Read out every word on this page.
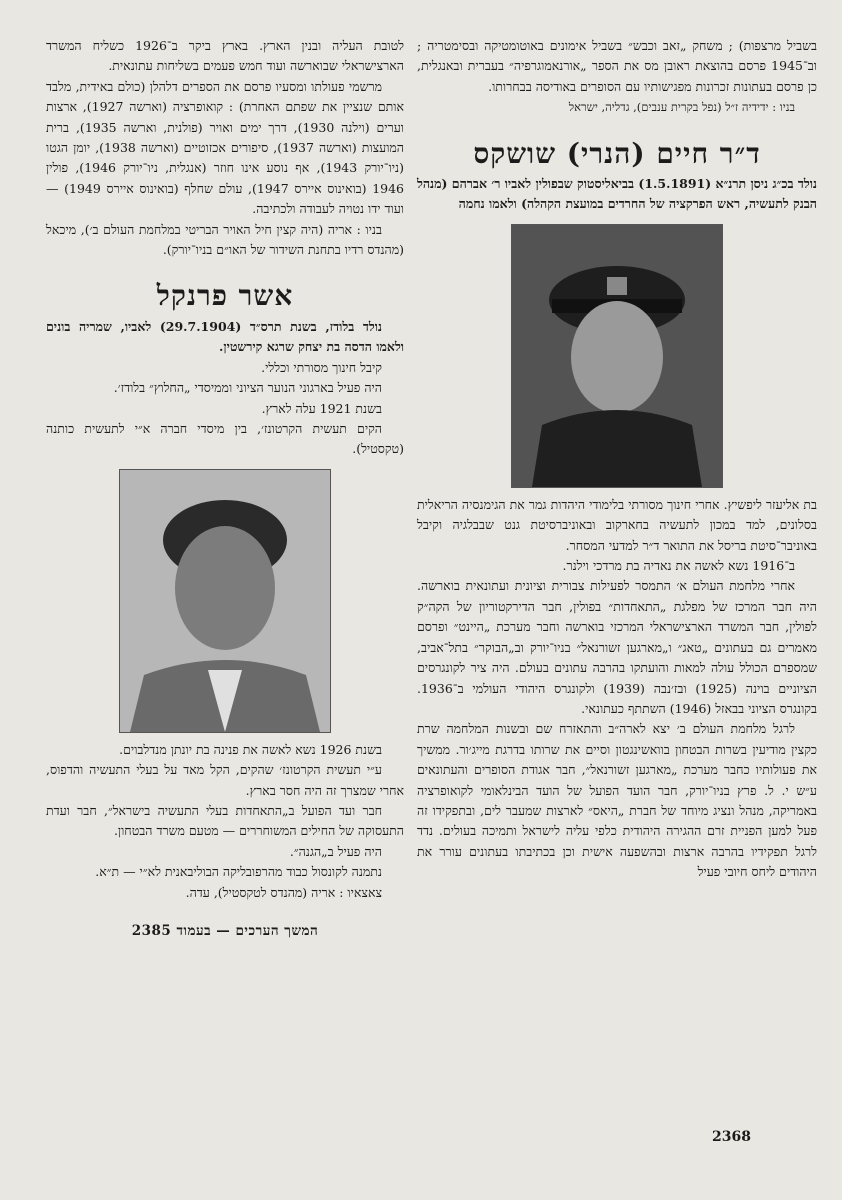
בשביל מרצפות) ; משחק „זאב וכבש״ בשביל אימונים באוטומטיקה ובסימטריה ; וב־1945 פרסם בהוצאת ראובן מס את הספר „אורנאמוגרפיה״ בעברית ובאנגלית, כן פרסם בעתונות זכרונות מפגישותיו עם הסופרים באודיסה בבחרותו.

בניו : ידידיה ז״ל (נפל בקרית ענבים), גדליה, ישראל

ד״ר חיים (הנרי) שושקס

נולד בכ״ג ניסן תרנ״א (1.5.1891) בביאליסטוק שבפולין לאביו ר׳ אברהם (מנהל הבנק לתעשיה, ראש הפרקציה של החרדים במועצת הקהלה) ולאמו נחמה

בת אליעזר ליפשיץ. אחרי חינוך מסורתי בלימודי היהדות גמר את הגימנסיה הריאלית בסלונים, למד במכון לתעשיה בחארקוב ובאוניברסיטת גנט שבבלגיה וקיבל באוניבר־סיטת בריסל את התואר ד״ר למדעי המסחר.

ב־1916 נשא לאשה את נאדיה בת מרדכי וילנר.

אחרי מלחמת העולם א׳ התמסר לפעילות צבורית וציונית ועתונאית בוארשה. היה חבר המרכז של מפלגת „התאחדות״ בפולין, חבר הדירקטוריון של הקה״ק לפולין, חבר המשרד הארצישראלי המרכזי בוארשה וחבר מערכת „היינט״ ופרסם מאמרים גם בעתונים „טאג״ ו„מארגען זשורנאל״ בניו־יורק וב„הבוקר״ בתל־אביב, שמספרם הכולל עולה למאות והועתקו בהרבה עתונים בעולם. היה ציר לקונגרסים הציוניים בוינה (1925) ובז׳נבה (1939) ולקונגרס היהודי העולמי ב־1936. בקונגרס הציוני בבאזל (1946) השתתף כעתונאי.

לרגל מלחמת העולם ב׳ יצא לארה״ב והתאזרח שם ובשנות המלחמה שרת כקצין מודיעין בשרות הבטחון בוואשינגטון וסיים את שרותו בדרגת מייג׳ור. ממשיך את פעולותיו כחבר מערכת „מארגען זשורנאל״, חבר אגודת הסופרים והעתונאים ע״ש י. ל. פרץ בניו־יורק, חבר הועד הפועל של הועד הבינלאומי לקואופרציה באמריקה, מנהל ונציג מיוחד של חברת „היאס״ לארצות שמעבר לים, ובתפקידו זה פעל למען הפניית זרם ההגירה היהודית כלפי עליה לישראל ותמיכה בעולים. נדד לרגל תפקידיו בהרבה ארצות ובהשפעה אישית וכן בכתיבתו בעתונים עורר את היהודים ליחס חיובי פעיל

לטובת העליה ובנין הארץ. בארץ ביקר ב־1926 כשליח המשרד הארצישראלי שבוארשה ועוד חמש פעמים בשליחות עתונאית.

מרשמי פעולתו ומסעיו פרסם את הספרים דלהלן (כולם באידית, מלבד אותם שנציין את שפתם האחרת) : קואופרציה (וארשה 1927), ארצות וערים (וילנה 1930), דרך ימים ואויר (פולנית, וארשה 1935), ברית המועצות (וארשה 1937), סיפורים אכזוטיים (וארשה 1938), יומן הגטו (ניו־יורק 1943), אף נוסע אינו חוזר (אנגלית, ניו־יורק 1946), פולין 1946 (בואינוס איירס 1947), עולם שחלף (בואינוס איירס 1949) — ועוד ידו נטויה לעבודה ולכתיבה.

בניו : אריה (היה קצין חיל האויר הבריטי במלחמת העולם ב׳), מיכאל (מהנדס רדיו בתחנת השידור של האו״ם בניו־יורק).

אשר פרנקל

נולד בלודז, בשנת תרס״ד (29.7.1904) לאביו, שמריה בונים ולאמו הדסה בת יצחק שרגא קירשטין.

קיבל חינוך מסורתי וכללי.

היה פעיל בארגוני הנוער הציוני וממיסדי „החלוץ״ בלודז׳.

בשנת 1921 עלה לארץ.

הקים תעשית הקרטונז׳, בין מיסדי חברה א״י לתעשית כותנה (טקסטיל).

בשנת 1926 נשא לאשה את פנינה בת יונתן מנדלבוים.

ע״י תעשית הקרטונז׳ שהקים, הקל מאד על בעלי התעשיה והדפוס, אחרי שמצרך זה היה חסר בארץ.

חבר ועד הפועל ב„התאחדות בעלי התעשיה בישראל״, חבר ועדת התעסוקה של החילים המשוחררים — מטעם משרד הבטחון.

היה פעיל ב„הגנה״.

נתמנה לקונסול כבוד מהרפובליקה הבוליבאנית לא״י — ת״א.

צאצאיו : אריה (מהנדס לטקסטיל), עדה.

המשך הערכים — בעמוד 2385
2368
